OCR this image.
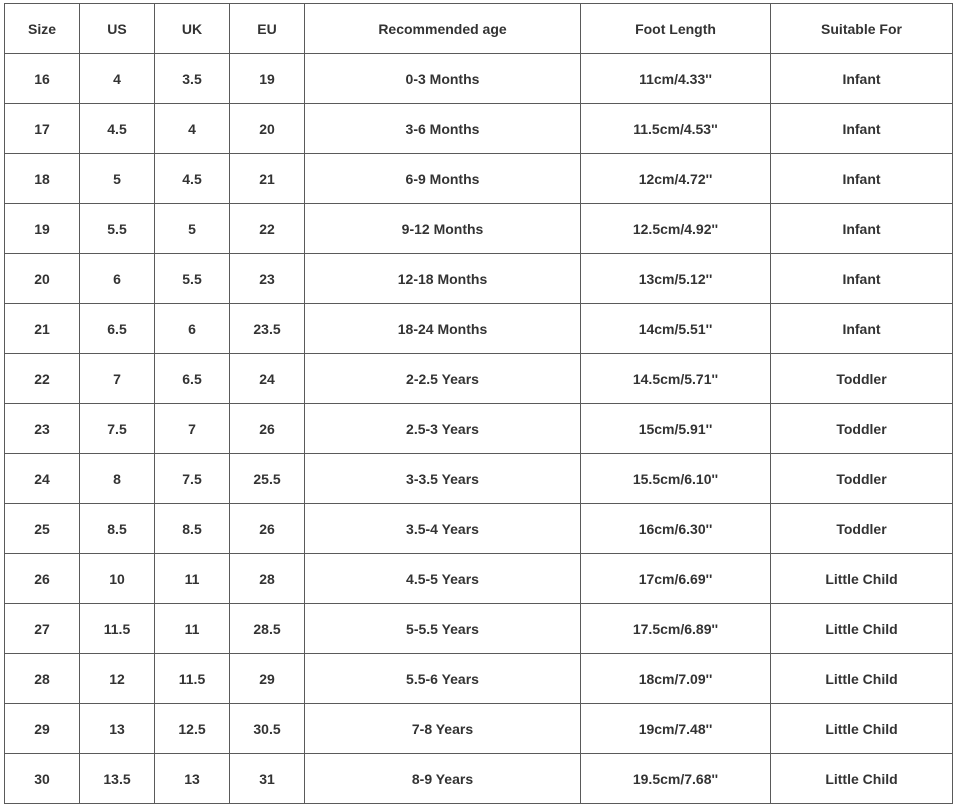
Size	US	UK	EU	Recommended age	Foot Length	Suitable For
16	4	3.5	19	0-3 Months	11cm/4.33''	Infant
17	4.5	4	20	3-6 Months	11.5cm/4.53''	Infant
18	5	4.5	21	6-9 Months	12cm/4.72''	Infant
19	5.5	5	22	9-12 Months	12.5cm/4.92''	Infant
20	6	5.5	23	12-18 Months	13cm/5.12''	Infant
21	6.5	6	23.5	18-24 Months	14cm/5.51''	Infant
22	7	6.5	24	2-2.5 Years	14.5cm/5.71''	Toddler
23	7.5	7	26	2.5-3 Years	15cm/5.91''	Toddler
24	8	7.5	25.5	3-3.5 Years	15.5cm/6.10''	Toddler
25	8.5	8.5	26	3.5-4 Years	16cm/6.30''	Toddler
26	10	11	28	4.5-5 Years	17cm/6.69''	Little Child
27	11.5	11	28.5	5-5.5 Years	17.5cm/6.89''	Little Child
28	12	11.5	29	5.5-6 Years	18cm/7.09''	Little Child
29	13	12.5	30.5	7-8 Years	19cm/7.48''	Little Child
30	13.5	13	31	8-9 Years	19.5cm/7.68''	Little Child
